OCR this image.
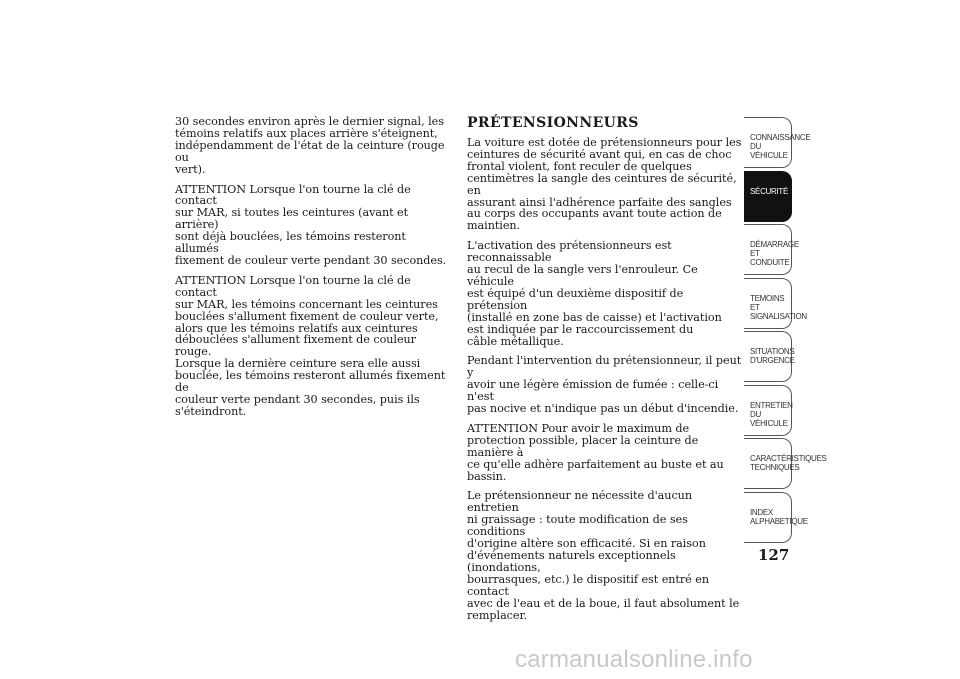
30 secondes environ après le dernier signal, les
témoins relatifs aux places arrière s'éteignent,
indépendamment de l'état de la ceinture (rouge ou
vert).

ATTENTION Lorsque l'on tourne la clé de contact
sur MAR, si toutes les ceintures (avant et arrière)
sont déjà bouclées, les témoins resteront allumés
fixement de couleur verte pendant 30 secondes.

ATTENTION Lorsque l'on tourne la clé de contact
sur MAR, les témoins concernant les ceintures
bouclées s'allument fixement de couleur verte,
alors que les témoins relatifs aux ceintures
débouclées s'allument fixement de couleur rouge.
Lorsque la dernière ceinture sera elle aussi
bouclée, les témoins resteront allumés fixement de
couleur verte pendant 30 secondes, puis ils
s'éteindront.

PRÉTENSIONNEURS

La voiture est dotée de prétensionneurs pour les
ceintures de sécurité avant qui, en cas de choc
frontal violent, font reculer de quelques
centimètres la sangle des ceintures de sécurité, en
assurant ainsi l'adhérence parfaite des sangles
au corps des occupants avant toute action de
maintien.

L'activation des prétensionneurs est reconnaissable
au recul de la sangle vers l'enrouleur. Ce véhicule
est équipé d'un deuxième dispositif de prétension
(installé en zone bas de caisse) et l'activation
est indiquée par le raccourcissement du
câble métallique.

Pendant l'intervention du prétensionneur, il peut y
avoir une légère émission de fumée : celle-ci n'est
pas nocive et n'indique pas un début d'incendie.

ATTENTION Pour avoir le maximum de
protection possible, placer la ceinture de manière à
ce qu'elle adhère parfaitement au buste et au
bassin.

Le prétensionneur ne nécessite d'aucun entretien
ni graissage : toute modification de ses conditions
d'origine altère son efficacité. Si en raison
d'événements naturels exceptionnels (inondations,
bourrasques, etc.) le dispositif est entré en contact
avec de l'eau et de la boue, il faut absolument le
remplacer.

CONNAISSANCE DU
VÉHICULE
SÉCURITÉ
DÉMARRAGE ET
CONDUITE
TEMOINS ET
SIGNALISATION
SITUATIONS
D'URGENCE
ENTRETIEN DU
VÉHICULE
CARACTÉRISTIQUES
TECHNIQUES
INDEX
ALPHABETIQUE
127
carmanualsonline.info
